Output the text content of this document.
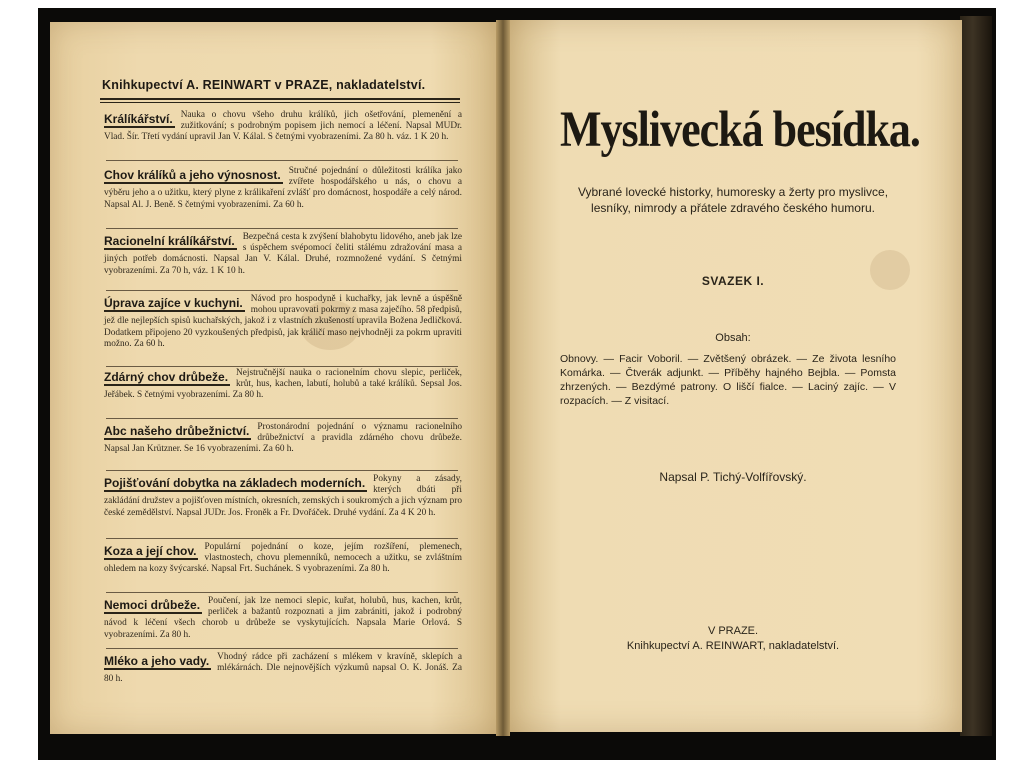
Knihkupectví A. REINWART v PRAZE, nakladatelství.
Králíkářství. Nauka o chovu všeho druhu králíků, jich ošetřování, plemenění a zužitkování; s podrobným popisem jich nemocí a léčení. Napsal MUDr. Vlad. Šír. Třetí vydání upravil Jan V. Kálal. S četnými vyobrazeními. Za 80 h. váz. 1 K 20 h.
Chov králíků a jeho výnosnost. Stručné pojednání o důležitosti králíka jako zvířete hospodářského u nás, o chovu a výběru jeho a o užitku, který plyne z králikaření zvlášť pro domácnost, hospodáře a celý národ. Napsal Al. J. Beně. S četnými vyobrazeními. Za 60 h.
Racionelní králíkářství. Bezpečná cesta k zvýšení blahobytu lidového, aneb jak lze s úspěchem svépomocí čeliti stálému zdražování masa a jiných potřeb domácnosti. Napsal Jan V. Kálal. Druhé, rozmnožené vydání. S četnými vyobrazeními. Za 70 h, váz. 1 K 10 h.
Úprava zajíce v kuchyni. Návod pro hospodyně i kuchařky, jak levně a úspěšně mohou upravovati pokrmy z masa zaječího. 58 předpisů, jež dle nejlepších spisů kuchařských, jakož i z vlastních zkušeností upravila Božena Jedličková. Dodatkem připojeno 20 vyzkoušených předpisů, jak králičí maso nejvhodněji za pokrm upraviti možno. Za 60 h.
Zdárný chov drůbeže. Nejstručnější nauka o racionelním chovu slepic, perliček, krůt, hus, kachen, labutí, holubů a také králíků. Sepsal Jos. Jeřábek. S četnými vyobrazeními. Za 80 h.
Abc našeho drůbežnictví. Prostonárodní pojednání o významu racionelního drůbežnictví a pravidla zdárného chovu drůbeže. Napsal Jan Krützner. Se 16 vyobrazeními. Za 60 h.
Pojišťování dobytka na základech moderních. Pokyny a zásady, kterých dbáti při zakládání družstev a pojišťoven místních, okresních, zemských i soukromých a jich význam pro české zemědělství. Napsal JUDr. Jos. Froněk a Fr. Dvořáček. Druhé vydání. Za 4 K 20 h.
Koza a její chov. Populární pojednání o koze, jejím rozšíření, plemenech, vlastnostech, chovu plemenníků, nemocech a užitku, se zvláštním ohledem na kozy švýcarské. Napsal Frt. Suchánek. S vyobrazeními. Za 80 h.
Nemoci drůbeže. Poučení, jak lze nemoci slepic, kuřat, holubů, hus, kachen, krůt, perliček a bažantů rozpoznati a jim zabrániti, jakož i podrobný návod k léčení všech chorob u drůbeže se vyskytujících. Napsala Marie Orlová. S vyobrazeními. Za 80 h.
Mléko a jeho vady. Vhodný rádce při zacházení s mlékem v kravíně, sklepích a mlékárnách. Dle nejnovějších výzkumů napsal O. K. Jonáš. Za 80 h.
Myslivecká besídka.
Vybrané lovecké historky, humoresky a žerty pro myslivce, lesníky, nimrody a přátele zdravého českého humoru.
SVAZEK I.
Obsah:
Obnovy. — Facir Voboril. — Zvětšený obrázek. — Ze života lesního Komárka. — Čtverák adjunkt. — Příběhy hajného Bejbla. — Pomsta zhrzených. — Bezdýmé patrony. O liščí fialce. — Laciný zajíc. — V rozpacích. — Z visitací.
Napsal P. Tichý-Volfířovský.
V PRAZE.
Knihkupectví A. REINWART, nakladatelství.
